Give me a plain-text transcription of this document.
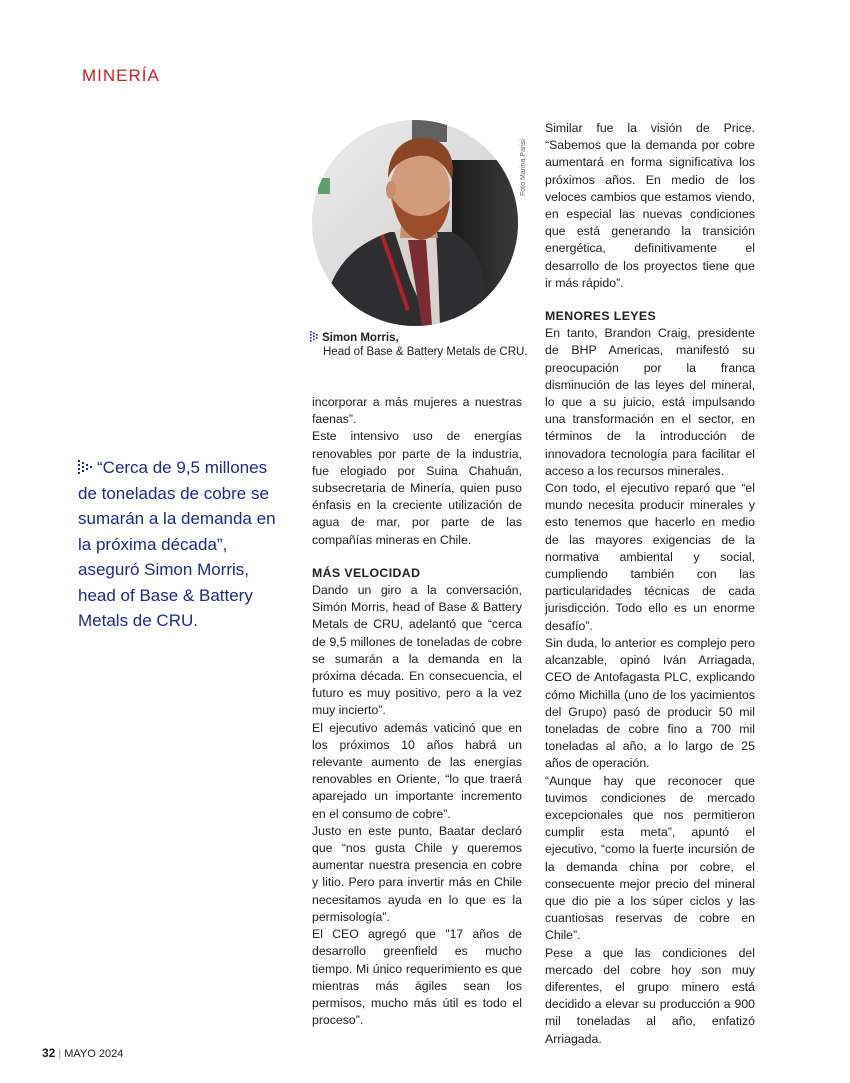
MINERÍA
“Cerca de 9,5 millones de toneladas de cobre se sumarán a la demanda en la próxima década”, aseguró Simon Morris, head of Base & Battery Metals de CRU.
Foto Marina Parisi
Simon Morris,
Head of Base & Battery Metals de CRU.

incorporar a más mujeres a nuestras faenas”.

Este intensivo uso de energías renovables por parte de la industria, fue elogiado por Suina Chahuán, subsecretaria de Minería, quien puso énfasis en la creciente utilización de agua de mar, por parte de las compañías mineras en Chile.

MÁS VELOCIDAD

Dando un giro a la conversación, Simón Morris, head of Base & Battery Metals de CRU, adelantó que “cerca de 9,5 millones de toneladas de cobre se sumarán a la demanda en la próxima década. En consecuencia, el futuro es muy positivo, pero a la vez muy incierto”.

El ejecutivo además vaticinó que en los próximos 10 años habrá un relevante aumento de las energías renovables en Oriente, “lo que traerá aparejado un importante incremento en el consumo de cobre”.

Justo en este punto, Baatar declaró que “nos gusta Chile y queremos aumentar nuestra presencia en cobre y litio. Pero para invertir más en Chile necesitamos ayuda en lo que es la permisología”.

El CEO agregó que "17 años de desarrollo greenfield es mucho tiempo. Mi único requerimiento es que mientras más ágiles sean los permisos, mucho más útil es todo el proceso”.

Similar fue la visión de Price. “Sabemos que la demanda por cobre aumentará en forma significativa los próximos años. En medio de los veloces cambios que estamos viendo, en especial las nuevas condiciones que está generando la transición energética, definitivamente el desarrollo de los proyectos tiene que ir más rápido”.

MENORES LEYES

En tanto, Brandon Craig, presidente de BHP Americas, manifestó su preocupación por la franca disminución de las leyes del mineral, lo que a su juicio, está impulsando una transformación en el sector, en términos de la introducción de innovadora tecnología para facilitar el acceso a los recursos minerales.

Con todo, el ejecutivo reparó que “el mundo necesita producir minerales y esto tenemos que hacerlo en medio de las mayores exigencias de la normativa ambiental y social, cumpliendo también con las particularidades técnicas de cada jurisdicción. Todo ello es un enorme desafío”.

Sin duda, lo anterior es complejo pero alcanzable, opinó Iván Arriagada, CEO de Antofagasta PLC, explicando cómo Michilla (uno de los yacimientos del Grupo) pasó de producir 50 mil toneladas de cobre fino a 700 mil toneladas al año, a lo largo de 25 años de operación.

“Aunque hay que reconocer que tuvimos condiciones de mercado excepcionales que nos permitieron cumplir esta meta”, apuntó el ejecutivo, “como la fuerte incursión de la demanda china por cobre, el consecuente mejor precio del mineral que dio pie a los súper ciclos y las cuantiosas reservas de cobre en Chile”.

Pese a que las condiciones del mercado del cobre hoy son muy diferentes, el grupo minero está decidido a elevar su producción a 900 mil toneladas al año, enfatizó Arriagada.

32 | MAYO 2024
